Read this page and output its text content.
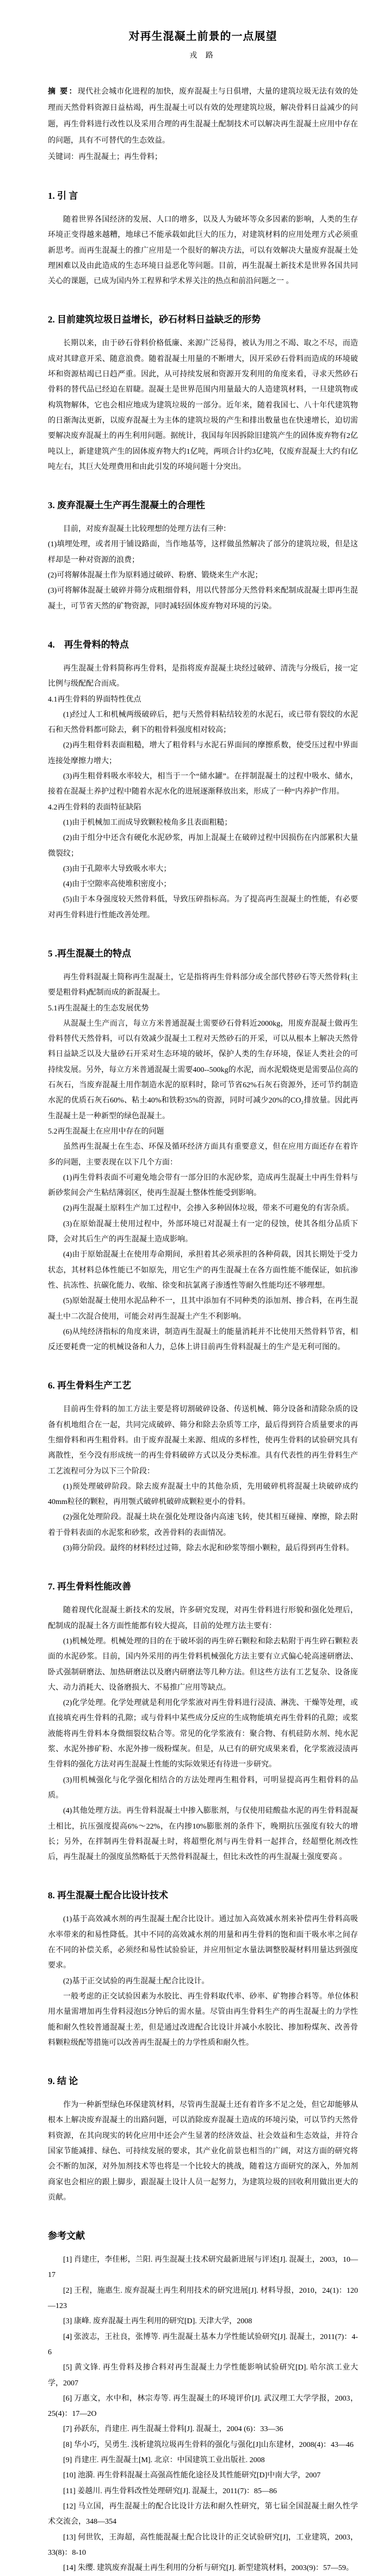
对再生混凝土前景的一点展望
戎 路

摘 要：现代社会城市化进程的加快，废弃混凝土与日俱增，大量的建筑垃圾无法有效的处理而天然骨料资源日益枯竭，再生混凝土可以有效的处理建筑垃圾，解决骨料日益减少的问题，再生骨料进行改性以及采用合理的再生混凝土配制技术可以解决再生混凝土应用中存在的问题，具有不可替代的生态效益。

关键词：再生混凝土；再生骨料；

1. 引 言

随着世界各国经济的发展、人口的增多，以及人为破坏等众多因素的影响，人类的生存环境正变得越来越糟，地球已不能承载如此巨大的压力，对建筑材料的应用处理方式必须重新思考。而再生混凝土的推广应用是一个很好的解决方法，可以有效解决大量废弃混凝土处理困难以及由此造成的生态环境日益恶化等问题。目前，再生混凝土新技术是世界各国共同关心的课题，已成为国内外工程界和学术界关注的热点和前沿问题之一 。

2. 目前建筑垃圾日益增长，砂石材料日益缺乏的形势

长期以来，由于砂石骨料价格低廉、来源广泛易得，被认为用之不竭、取之不尽，而造成对其肆意开采、随意浪费。随着混凝土用量的不断增大，因开采砂石骨料而造成的环境破坏和资源枯竭已日趋严重。因此，从可持续发展和资源开发利用的角度来看，寻求天然砂石骨料的替代品已经迫在眉睫。混凝土是世界范围内用量最大的人造建筑材料，一旦建筑物或构筑物解体，它也会相应地成为建筑垃圾的一部分。近年来，随着我国七、八十年代建筑物的日渐淘汰更新，以废弃混凝土为主体的建筑垃圾的产生和排出数量也在快速增长，迫切需要解决废弃混凝土的再生利用问题。据统计，我国每年因拆除旧建筑产生的固体废弃物有2亿吨以上，新建建筑产生的固体废弃物大约1亿吨，两项合计约3亿吨，仅废弃混凝土大约有l亿吨左右，其巨大处理费用和由此引发的环境问题十分突出。

3. 废弃混凝土生产再生混凝土的合理性

目前，对废弃混凝土比较理想的处理方法有三种：

(1)填埋处理，或者用于铺设路面，当作地基等，这样做虽然解决了部分的建筑垃圾，但是这样却是一种对资源的浪费；

(2)可将解体混凝土作为原料通过破碎、粉磨、锻烧来生产水泥；

(3)可将解体混凝土破碎并筛分成粗细骨料，用以代替部分天然骨料来配制成混凝土即再生混凝土，可节省天然的矿物资源，同时减轻固体废弃物对环境的污染。

4.　再生骨料的特点

再生混凝土骨料简称再生骨料，是指将废弃混凝土块经过破碎、清洗与分级后，接一定比例与级配配合而成。

4.1再生骨料的界面特性优点

(1)经过人工和机械两级破碎后，把与天然骨料粘结较差的水泥石，或已带有裂纹的水泥石和天然骨料都可除去，剩下的粗骨料强度相对较高；

(2)再生粗骨料表面粗糙，增大了粗骨料与水泥石界面间的摩擦系数，使受压过程中界面连接处摩擦力增大；

(3)再生粗骨料吸水率较大，相当于一个“储水罐”。在拌制混凝土的过程中吸水、储水，接着在混凝土养护过程中随着水泥水化的进展逐渐释放出来，形成了一种“内养护”作用。

4.2再生骨料的表面特征缺陷

(1)由于机械加工而成导致颗粒棱角多且表面粗糙；

(2)由于组分中还含有硬化水泥砂浆，再加上混凝土在破碎过程中因损伤在内部累积大量微裂纹；

(3)由于孔隙率大导致吸水率大；

(4)由于空隙率高使堆积密度小；

(5)由于本身强度较天然骨料低，导致压碎指标高。为了提高再生混凝土的性能，有必要对再生骨料进行性能改善处理。

5 .再生混凝土的特点

再生骨料混凝土简称再生混凝土，它是指将再生骨料部分或全部代替砂石等天然骨料(主要是粗骨料)配制而成的新混凝土。

5.1再生混凝土的生态发展优势

从混凝土生产而言，每立方米普通混凝土需要砂石骨料近2000kg，用废弃混凝土做再生骨料替代天然骨料，可以有效减少混凝土工程对天然砂石的开采，可以从根本上解决天然骨料日益缺乏以及大量砂石开采对生态环境的破坏，保护人类的生存环境，保证人类社会的可持续发展。另外，每立方米普通混凝土需要400--500kg的水泥，而水泥煅烧更是需要品位高的石灰石，当废弃混凝土用作制造水泥的原料时，除可节省62%石灰石资源外，还可节约制造水泥的优质石灰石60%、粘土40%和铁粉35%的资源，同时可减少20%的CO₂排放量。因此再生混凝土是一种新型的绿色混凝土。

5.2再生混凝土在应用中存在的问题

虽然再生混凝土在生态、环保及循环经济方面具有重要意义，但在应用方面还存在着许多的问题，主要表现在以下几个方面：

(1)再生骨料表面不可避免地会带有一部分旧的水泥砂浆，造成再生混凝土中再生骨料与新砂浆间会产生粘结薄弱区，使再生混凝土整体性能受到影响。

(2)再生混凝土原料生产加工过程中，会掺入多种固体垃圾，带来不可避免的有害杂质。

(3)在原始混凝土使用过程中，外部环境已对混凝土有一定的侵蚀，使其各组分品质下降，会对其后生产的再生混凝土造成影响。

(4)由于原始混凝土在使用寿命期间，承担着其必须承担的各种荷载，因其长期处于受力状态，其材料总体性能已不如原先，用它生产的再生混凝土在各方面性能不能保证，如抗渗性、抗冻性、抗碳化能力、收缩、徐变和抗氯离子渗透性等耐久性能均还不够理想。

(5)原始混凝土使用水泥品种不一，且其中添加有不同种类的添加剂、掺合料，在再生混凝土中二次混合使用，可能会对再生混凝土产生不利影响。

(6)从纯经济指标的角度来讲，制造再生混凝土的能量消耗并不比使用天然骨料节省，相反还要耗费一定的机械设备和人力，总体上讲目前再生骨料混凝土的生产是无利可图的。

6. 再生骨料生产工艺

目前再生骨料的加工方法主要是将切割破碎设备、传送机械、筛分设备和清除杂质的设备有机地组合在一起，共同完成破碎、筛分和除去杂质等工序，最后得到符合质量要求的再生细骨料和再生粗骨料。由于废弃混凝土来源、组成的多样性，使再生骨料的试验研究具有离散性，至今没有形成统一的再生骨料破碎方式以及分类标准。具有代表性的再生骨料生产工艺流程可分为以下三个阶段：

(1)预处理破碎阶段。除去废弃混凝土中的其他杂质，先用破碎机将混凝土块破碎成约40mm粒径的颗粒，再用颚式破碎机破碎成颗粒更小的骨料。

(2)强化处理阶段。混凝土块在强化处理设备内高速飞转，使其相互碰撞、摩擦，除去附着于骨料表面的水泥浆和砂浆，改善骨料的表面情况。

(3)筛分阶段。最终的材料经过过筛，除去水泥和砂浆等细小颗粒，最后得到再生骨料。

7. 再生骨料性能改善

随着现代化混凝土新技术的发展，许多研究发现，对再生骨料进行形貌和强化处理后，配制成的混凝土各方面性能都有较大提高，目前的处理方法主要有：

(1)机械处理。机械处理的目的在于破坏弱的再生碎石颗粒和除去粘附于再生碎石颗粒表面的水泥砂浆。目前，国内外采用的再生骨料机械强化方法主要有立式偏心轮高速研磨法、卧式强制研磨法、加热研磨法以及磨内研磨法等几种方法。但这些方法有工艺复杂、设备庞大、动力消耗大、设备磨损大、不易推广应用等缺点。

(2)化学处理。化学处理就是利用化学浆液对再生骨料进行浸渍、淋洗、干燥等处理，或直接填充再生骨料的孔隙；或与骨料中某些成分反应的生成物能填充再生骨料的孔隙；或浆液能将再生骨料本身微细裂纹粘合等。常见的化学浆液有：聚合物、有机硅防水剂、纯水泥浆、水泥外掺矿粉、水泥外掺一级粉煤灰。但是，从已有的研究成果来看，化学浆液浸渍再生骨料的强化方法对再生混凝土性能的实际效果还有待进一步研究。

(3)用机械强化与化学强化相结合的方法处理再生粗骨料，可明显提高再生粗骨料的品质。

(4)其他处理方法。再生骨料混凝土中掺入膨胀剂，与仅使用硅酸盐水泥的再生骨料混凝土相比，抗压强度提高6%～22%，在内掺10%膨胀剂的条件下，晚期抗压强度有较大的增长；另外，在拌制再生骨料混凝土时，将超塑化剂与再生骨料一起拌合，经超塑化剂改性后，再生混凝土的强度虽然略低于天然骨料混凝土，但比未改性的再生混凝土强度要高 。

8. 再生混凝土配合比设计技术

(1)基于高效减水剂的再生混凝土配合比设计。通过加入高效减水剂来补偿再生骨料高吸水率带来的和易性降低。其中不同的高效减水剂的用量和再生骨料的饱和面干吸水率之间存在不同的补偿关系，必须经和易性试验验证，并应用恒定水量法调整胶凝材料用量达到强度要求。

(2)基于正交试验的再生混凝土配合比设计。

一般考虑的正交试验因素为水胶比、再生骨料取代率、砂率、矿物掺合料等。单位体积用水量需增加再生骨料浸泡l5分钟后的需水量。尽管由再生骨料生产的再生混凝土的力学性能和耐久性较普通混凝土差，但是通过改进配合比设计并减小水胶比、掺加粉煤灰、改善骨料颗粒级配等措施可以改善再生混凝土的力学性质和耐久性。

9. 结 论

作为一种新型绿色环保建筑材料，尽管再生混凝土还有着许多不足之处，但它却能够从根本上解决废弃混凝土的出路问题，可以消除废弃混凝土造成的环境污染，可以节约天然骨料资源，在其向现实的转化应用中还会产生显著的经济效益、社会效益和生态效益，并符合国家节能减排、绿色、可持续发展的要求，其产业化前景也相当的广阔，对这方面的研究将会不断的加深，对外加剂技术等也将是一个比较大的挑战，随着这方面研究的深入，外加剂商家也会相应的跟上脚步，跟混凝土设计人员一起努力，为建筑垃圾的回收利用做出更大的贡献。

参考文献

[1] 肖建庄，李佳彬，兰阳. 再生混凝土技术研究最新进展与评述[J]. 混凝土，2003，10—17

[2] 王程，施惠生. 废弃混凝土再生利用技术的研究进展[J]. 材料导报，2010，24(1)：120—123

[3] 康峰. 废弃混凝土再生利用的研究[D]. 天津大学，2008

[4] 张波志，王社良，张博等. 再生混凝土基本力学性能试验研究[J]. 混凝土，2011(7)：4-6

[5] 黄文锋. 再生骨料及掺合料对再生混凝土力学性能影响试验研究[D]. 哈尔滨工业大学，2007

[6] 万惠文，水中和，林宗寿等. 再生混凝土的环境评价[J]. 武汉理工大学学报，2003，25(4)：17—2O

[7] 孙跃东，肖建庄. 再生混凝土骨料[J]. 混凝土，2004 (6)：33—36

[8] 华小巧，吴勇生. 浅析建筑垃圾再生骨料的强化与强化[J]山东建材，2008(4)：43—46

[9] 肖建庄. 再生混凝土[M]. 北京：中国建筑工业出版社. 2008

[10] 池漪. 再生骨料混凝土高强高性能化途径及其性能研究[D]中南大学，2007

[11] 姜越川. 再生骨料改性处理研究[J]. 混凝土，2011(7)：85—86

[12] 马立国，再生混凝土的配合比设计方法和耐久性研究，第七届全国混凝土耐久性学术交流会，348—354

[13] 何世钦，王海超，高性能混凝土配合比设计的正交试验研究[J]，工业建筑，2003，33(8)：8-10

[14] 朱缨. 建筑废弃混凝土再生利用的分析与研究[J]. 新型建筑材料，2003(9)：57—59。
